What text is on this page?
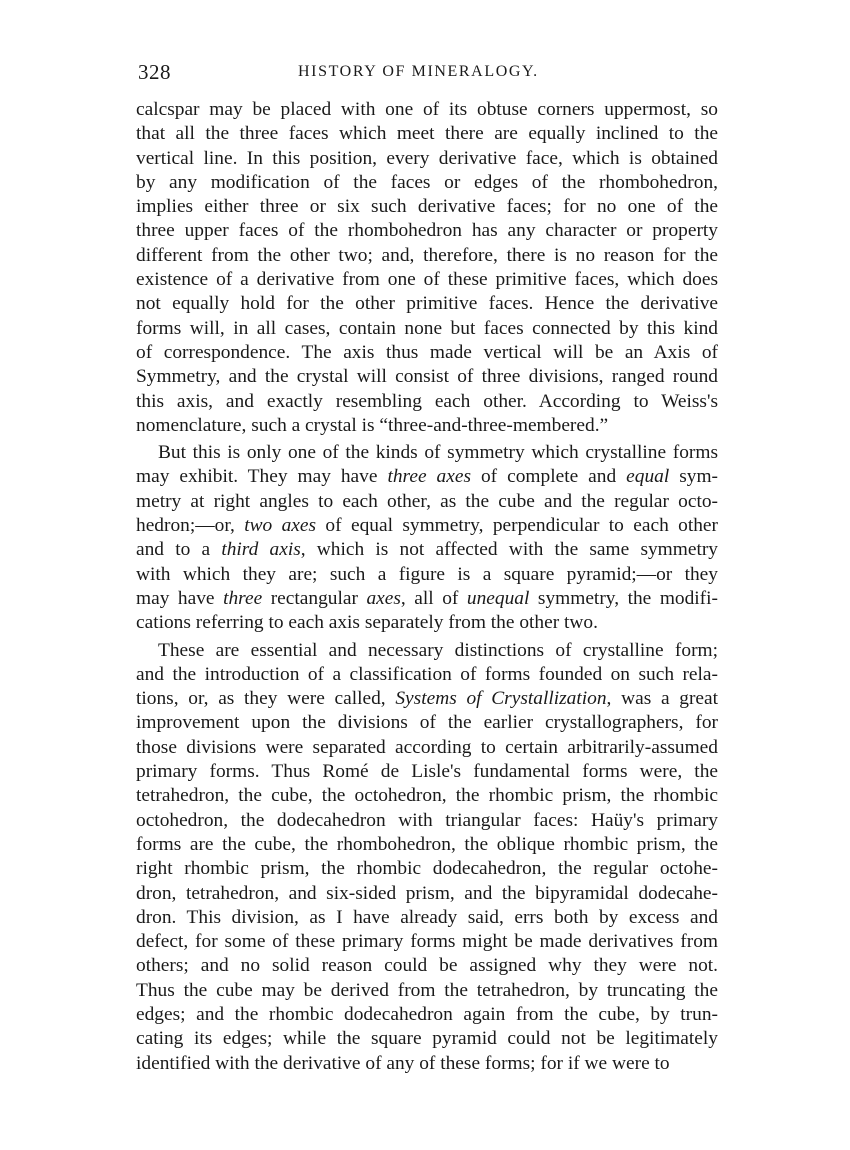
328	HISTORY OF MINERALOGY.

calcspar may be placed with one of its obtuse corners uppermost, so
that all the three faces which meet there are equally inclined to the
vertical line. In this position, every derivative face, which is obtained
by any modification of the faces or edges of the rhombohedron,
implies either three or six such derivative faces; for no one of the
three upper faces of the rhombohedron has any character or property
different from the other two; and, therefore, there is no reason for the
existence of a derivative from one of these primitive faces, which does
not equally hold for the other primitive faces. Hence the derivative
forms will, in all cases, contain none but faces connected by this kind
of correspondence. The axis thus made vertical will be an Axis of
Symmetry, and the crystal will consist of three divisions, ranged round
this axis, and exactly resembling each other. According to Weiss's
nomenclature, such a crystal is “three-and-three-membered.”

But this is only one of the kinds of symmetry which crystalline forms
may exhibit. They may have three axes of complete and equal sym-
metry at right angles to each other, as the cube and the regular octo-
hedron;—or, two axes of equal symmetry, perpendicular to each other
and to a third axis, which is not affected with the same symmetry
with which they are; such a figure is a square pyramid;—or they
may have three rectangular axes, all of unequal symmetry, the modifi-
cations referring to each axis separately from the other two.

These are essential and necessary distinctions of crystalline form;
and the introduction of a classification of forms founded on such rela-
tions, or, as they were called, Systems of Crystallization, was a great
improvement upon the divisions of the earlier crystallographers, for
those divisions were separated according to certain arbitrarily-assumed
primary forms. Thus Romé de Lisle's fundamental forms were, the
tetrahedron, the cube, the octohedron, the rhombic prism, the rhombic
octohedron, the dodecahedron with triangular faces: Haüy's primary
forms are the cube, the rhombohedron, the oblique rhombic prism, the
right rhombic prism, the rhombic dodecahedron, the regular octohe-
dron, tetrahedron, and six-sided prism, and the bipyramidal dodecahe-
dron. This division, as I have already said, errs both by excess and
defect, for some of these primary forms might be made derivatives from
others; and no solid reason could be assigned why they were not.
Thus the cube may be derived from the tetrahedron, by truncating the
edges; and the rhombic dodecahedron again from the cube, by trun-
cating its edges; while the square pyramid could not be legitimately
identified with the derivative of any of these forms; for if we were to
